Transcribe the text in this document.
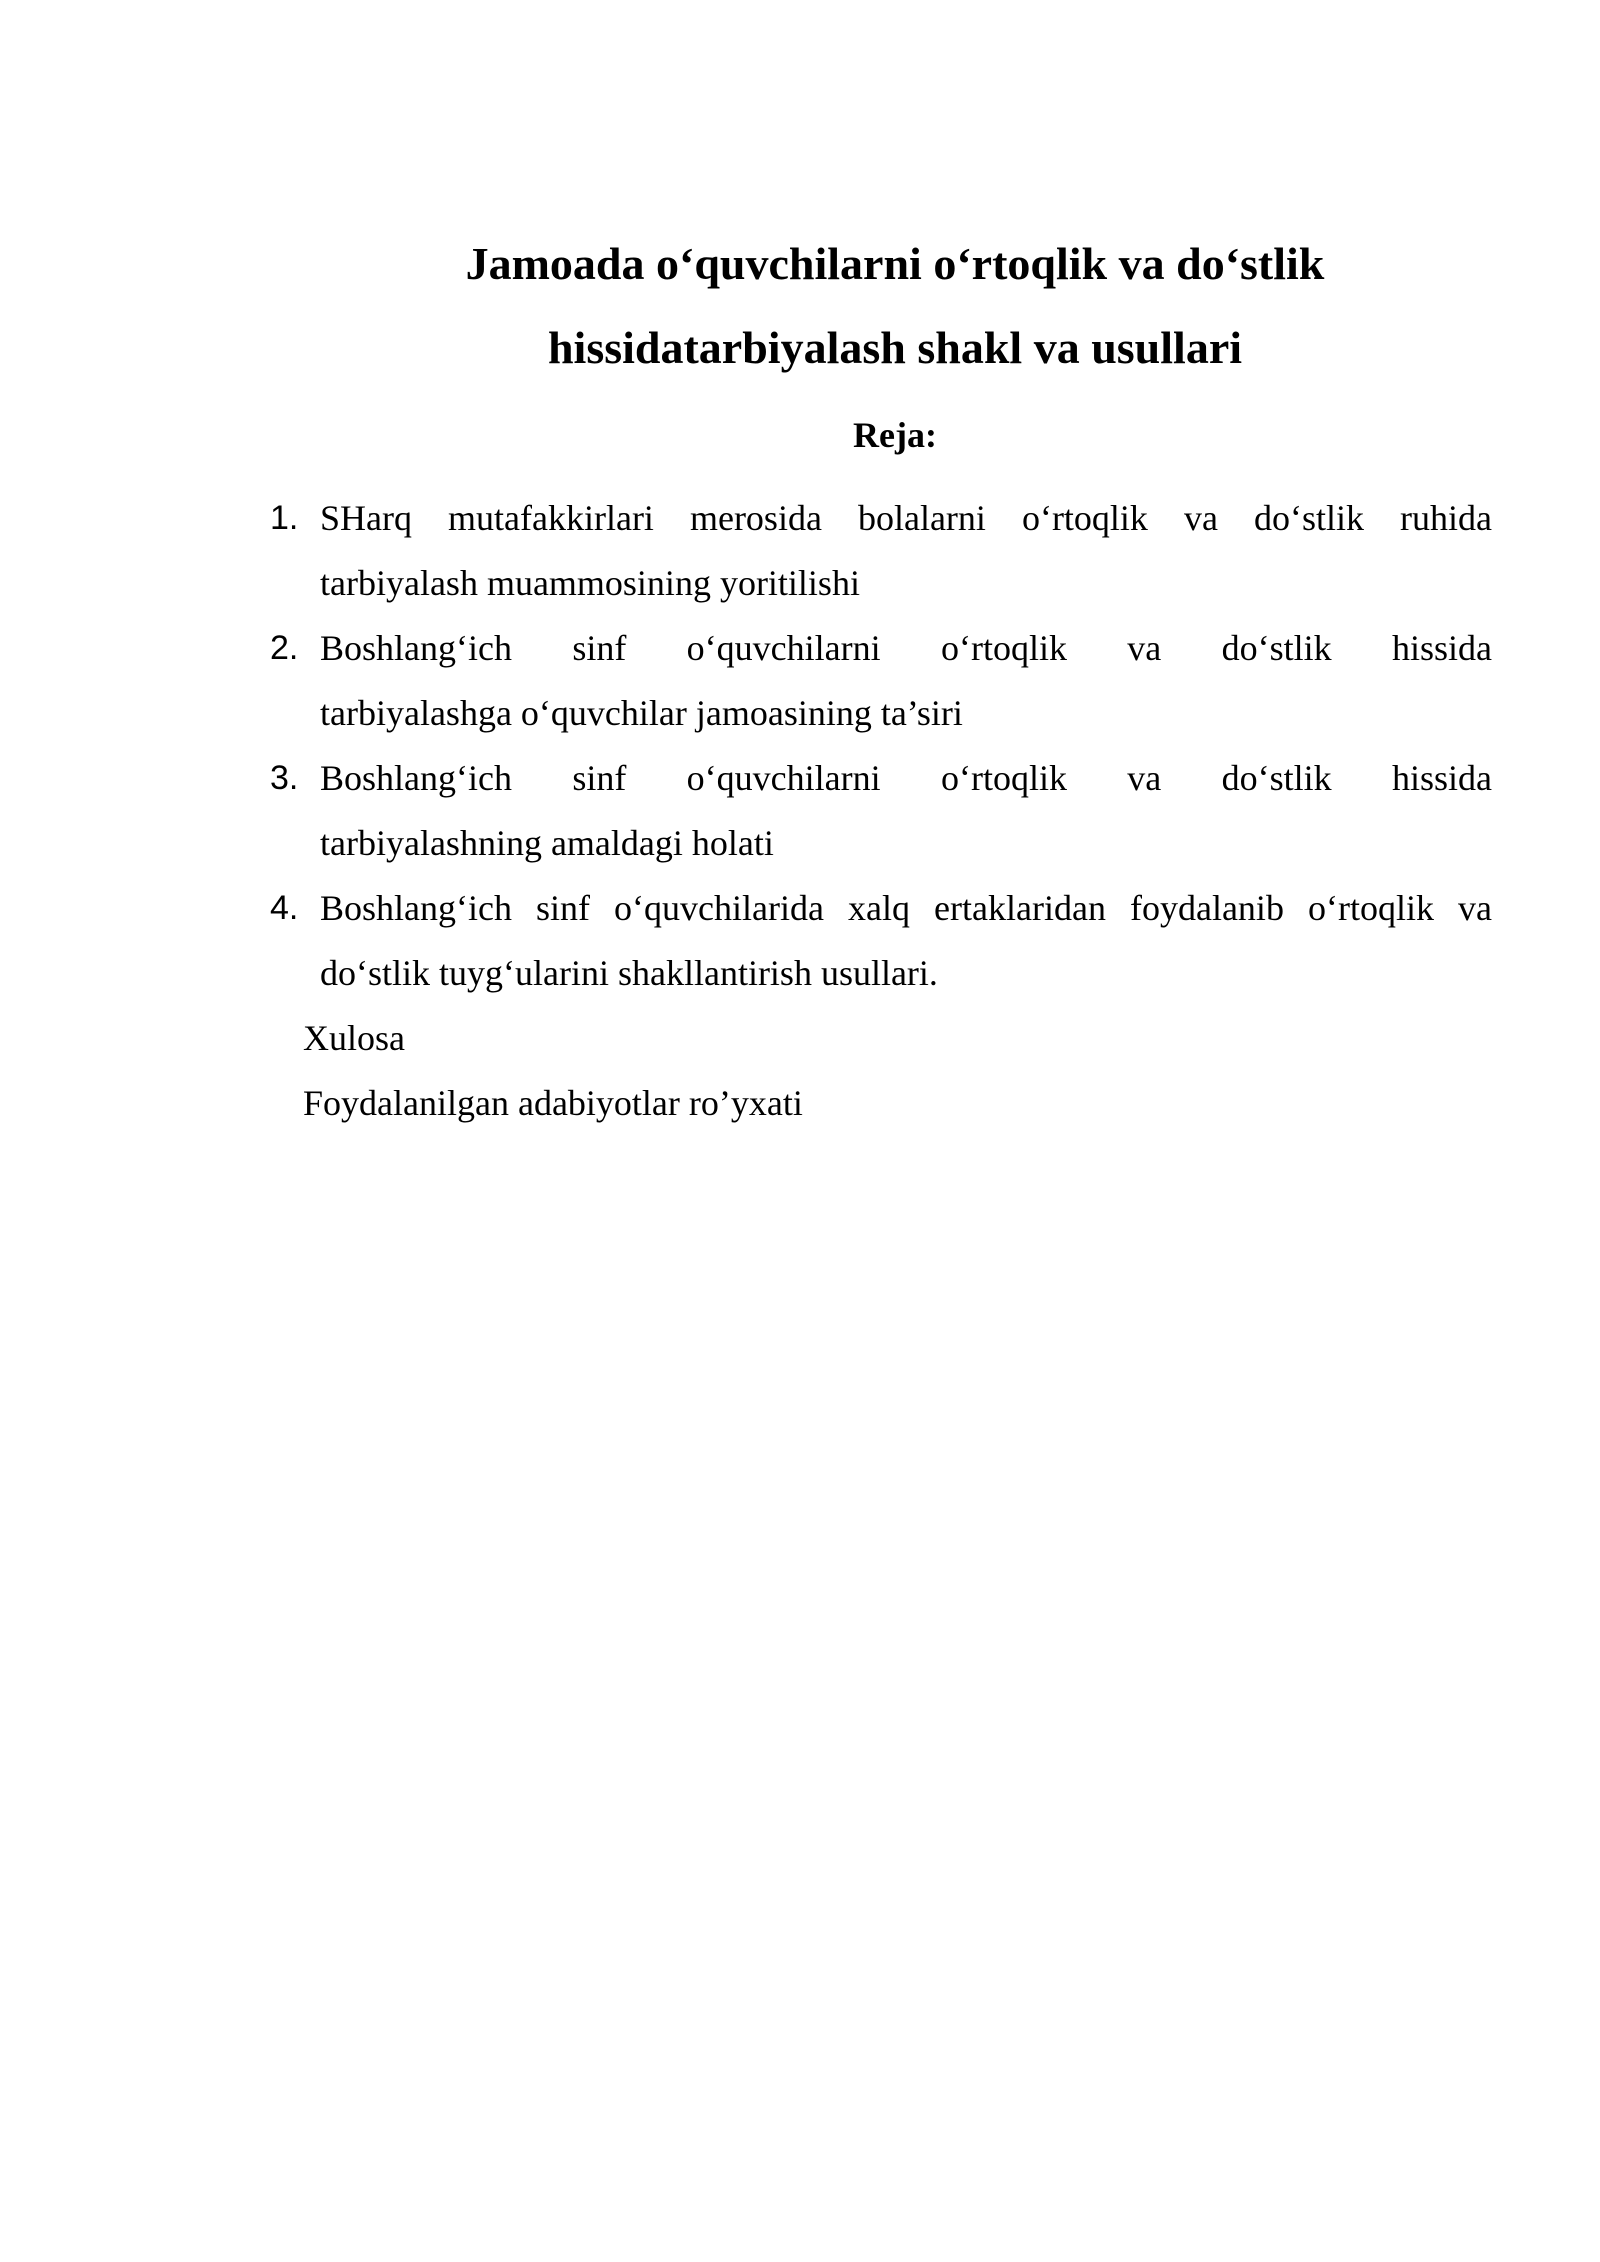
Jamoada o‘quvchilarni o‘rtoqlik va do‘stlik
hissidatarbiyalash shakl va usullari
Reja:
1. SHarq mutafakkirlari merosida bolalarni o‘rtoqlik va do‘stlik ruhida
tarbiyalash muammosining yoritilishi
2. Boshlang‘ich sinf o‘quvchilarni o‘rtoqlik va do‘stlik hissida
tarbiyalashga o‘quvchilar jamoasining ta’siri
3. Boshlang‘ich sinf o‘quvchilarni o‘rtoqlik va do‘stlik hissida
tarbiyalashning amaldagi holati
4. Boshlang‘ich sinf o‘quvchilarida xalq ertaklaridan foydalanib o‘rtoqlik va
do‘stlik tuyg‘ularini shakllantirish usullari.

Xulosa

Foydalanilgan adabiyotlar ro’yxati
